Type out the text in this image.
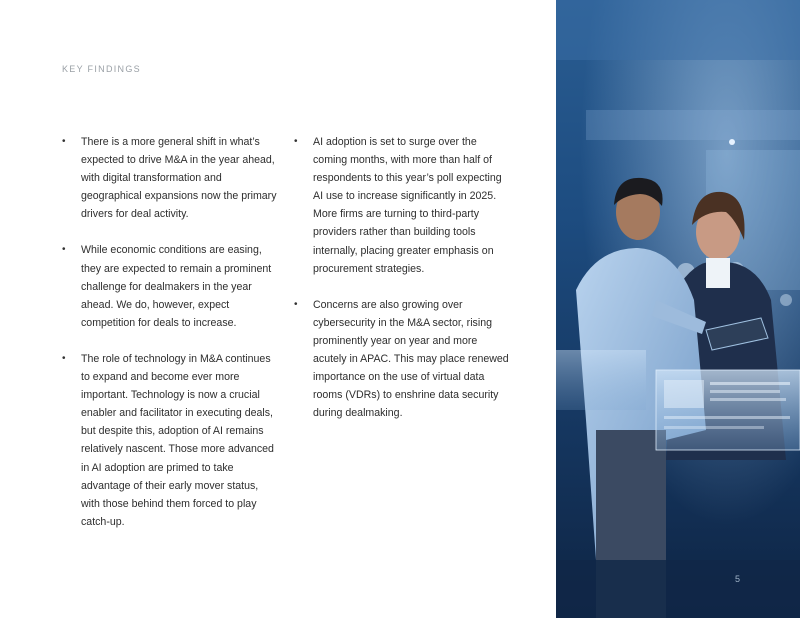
KEY FINDINGS
• There is a more general shift in what’s expected to drive M&A in the year ahead, with digital transformation and geographical expansions now the primary drivers for deal activity.
• While economic conditions are easing, they are expected to remain a prominent challenge for dealmakers in the year ahead. We do, however, expect competition for deals to increase.
• The role of technology in M&A continues to expand and become ever more important. Technology is now a crucial enabler and facilitator in executing deals, but despite this, adoption of AI remains relatively nascent. Those more advanced in AI adoption are primed to take advantage of their early mover status, with those behind them forced to play catch-up.
• AI adoption is set to surge over the coming months, with more than half of respondents to this year’s poll expecting AI use to increase significantly in 2025. More firms are turning to third-party providers rather than building tools internally, placing greater emphasis on procurement strategies.
• Concerns are also growing over cybersecurity in the M&A sector, rising prominently year on year and more acutely in APAC. This may place renewed importance on the use of virtual data rooms (VDRs) to enshrine data security during dealmaking.
5
